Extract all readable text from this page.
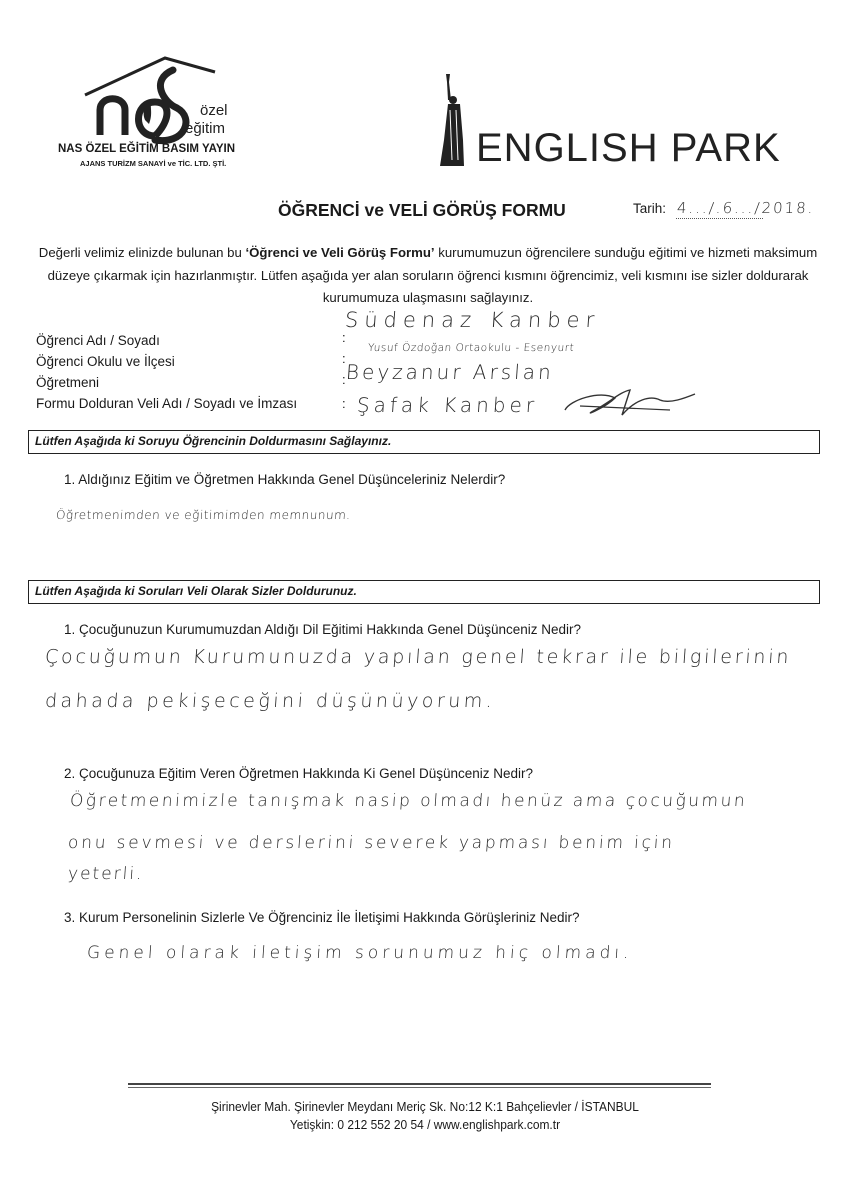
özel
eğitim
NAS ÖZEL EĞİTİM BASIM YAYIN
AJANS TURİZM SANAYİ ve TİC. LTD. ŞTİ.	ENGLISH PARK
ÖĞRENCİ ve VELİ GÖRÜŞ FORMU	Tarih: 4.../.6.../2018.
Değerli velimiz elinizde bulunan bu ‘Öğrenci ve Veli Görüş Formu’ kurumumuzun öğrencilere sunduğu eğitimi ve hizmeti maksimum düzeye çıkarmak için hazırlanmıştır. Lütfen aşağıda yer alan soruların öğrenci kısmını öğrencimiz, veli kısmını ise sizler doldurarak kurumumuza ulaşmasını sağlayınız.
Öğrenci Adı / Soyadı
Öğrenci Okulu ve İlçesi
Öğretmeni
Formu Dolduran Veli Adı / Soyadı ve İmzası
:
:
:
:
Südenaz Kanber
Yusuf Özdoğan Ortaokulu - Esenyurt
Beyzanur Arslan
Şafak Kanber
Lütfen Aşağıda ki Soruyu Öğrencinin Doldurmasını Sağlayınız.
1. Aldığınız Eğitim ve Öğretmen Hakkında Genel Düşünceleriniz Nelerdir?
Öğretmenimden ve eğitimimden memnunum.
Lütfen Aşağıda ki Soruları Veli Olarak Sizler Doldurunuz.
1. Çocuğunuzun Kurumumuzdan Aldığı Dil Eğitimi Hakkında Genel Düşünceniz Nedir?
Çocuğumun Kurumunuzda yapılan genel tekrar ile bilgilerinin
dahada pekişeceğini düşünüyorum.
2. Çocuğunuza Eğitim Veren Öğretmen Hakkında Ki Genel Düşünceniz Nedir?
Öğretmenimizle tanışmak nasip olmadı henüz ama çocuğumun
onu sevmesi ve derslerini severek yapması benim için
yeterli.
3. Kurum Personelinin Sizlerle Ve Öğrenciniz İle İletişimi Hakkında Görüşleriniz Nedir?
Genel olarak iletişim sorunumuz hiç olmadı.
Şirinevler Mah. Şirinevler Meydanı Meriç Sk. No:12 K:1 Bahçelievler / İSTANBUL
Yetişkin: 0 212 552 20 54 / www.englishpark.com.tr
